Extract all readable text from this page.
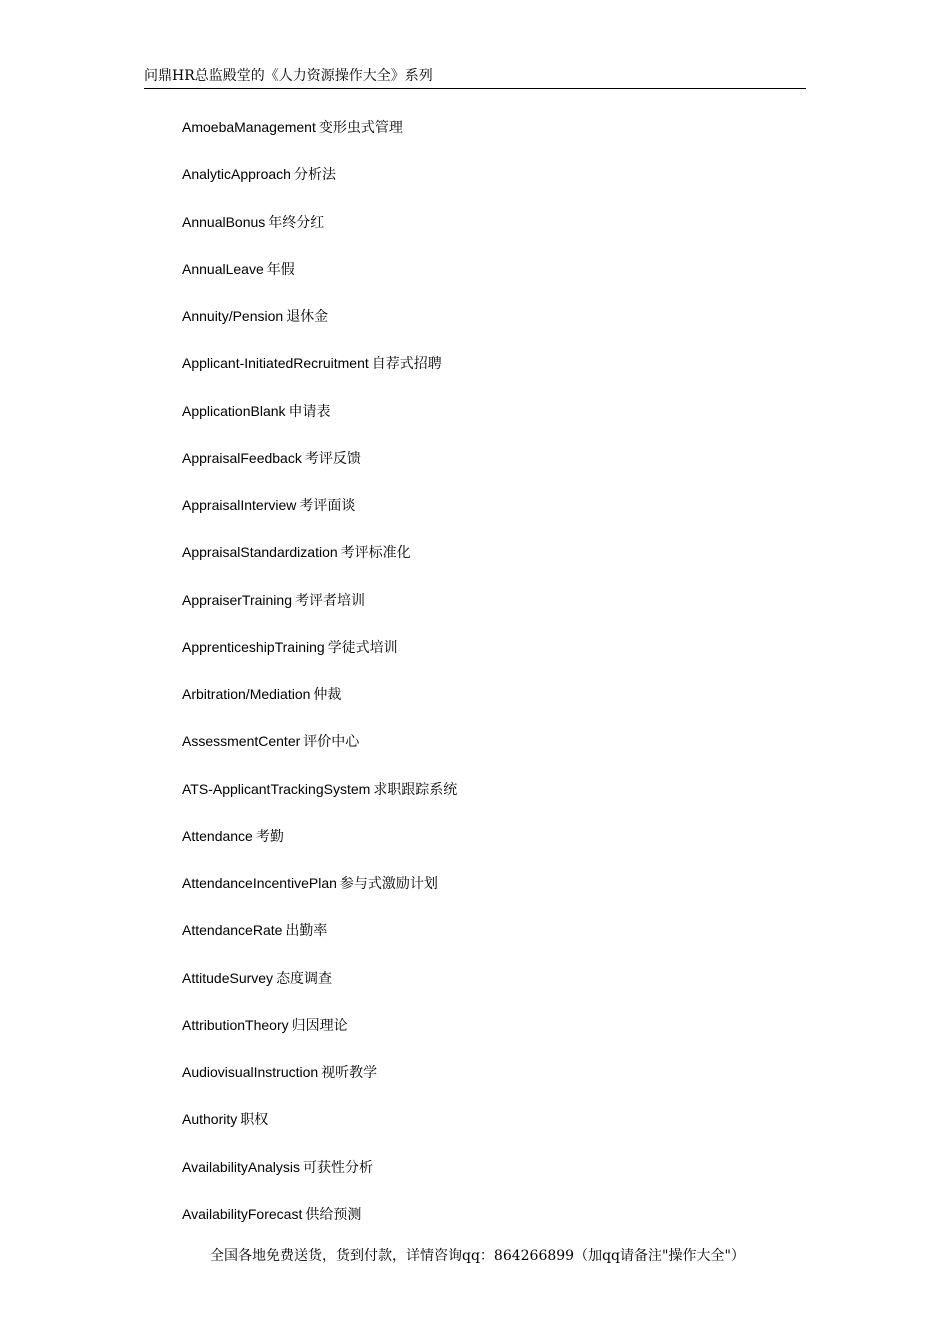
问鼎HR总监殿堂的《人力资源操作大全》系列
AmoebaManagement 变形虫式管理
AnalyticApproach 分析法
AnnualBonus 年终分红
AnnualLeave 年假
Annuity/Pension 退休金
Applicant-InitiatedRecruitment 自荐式招聘
ApplicationBlank 申请表
AppraisalFeedback 考评反馈
AppraisalInterview 考评面谈
AppraisalStandardization 考评标准化
AppraiserTraining 考评者培训
ApprenticeshipTraining 学徒式培训
Arbitration/Mediation 仲裁
AssessmentCenter 评价中心
ATS-ApplicantTrackingSystem 求职跟踪系统
Attendance 考勤
AttendanceIncentivePlan 参与式激励计划
AttendanceRate 出勤率
AttitudeSurvey 态度调查
AttributionTheory 归因理论
AudiovisualInstruction 视听教学
Authority 职权
AvailabilityAnalysis 可获性分析
AvailabilityForecast 供给预测
全国各地免费送货，货到付款，详情咨询qq：864266899（加qq请备注"操作大全"）
